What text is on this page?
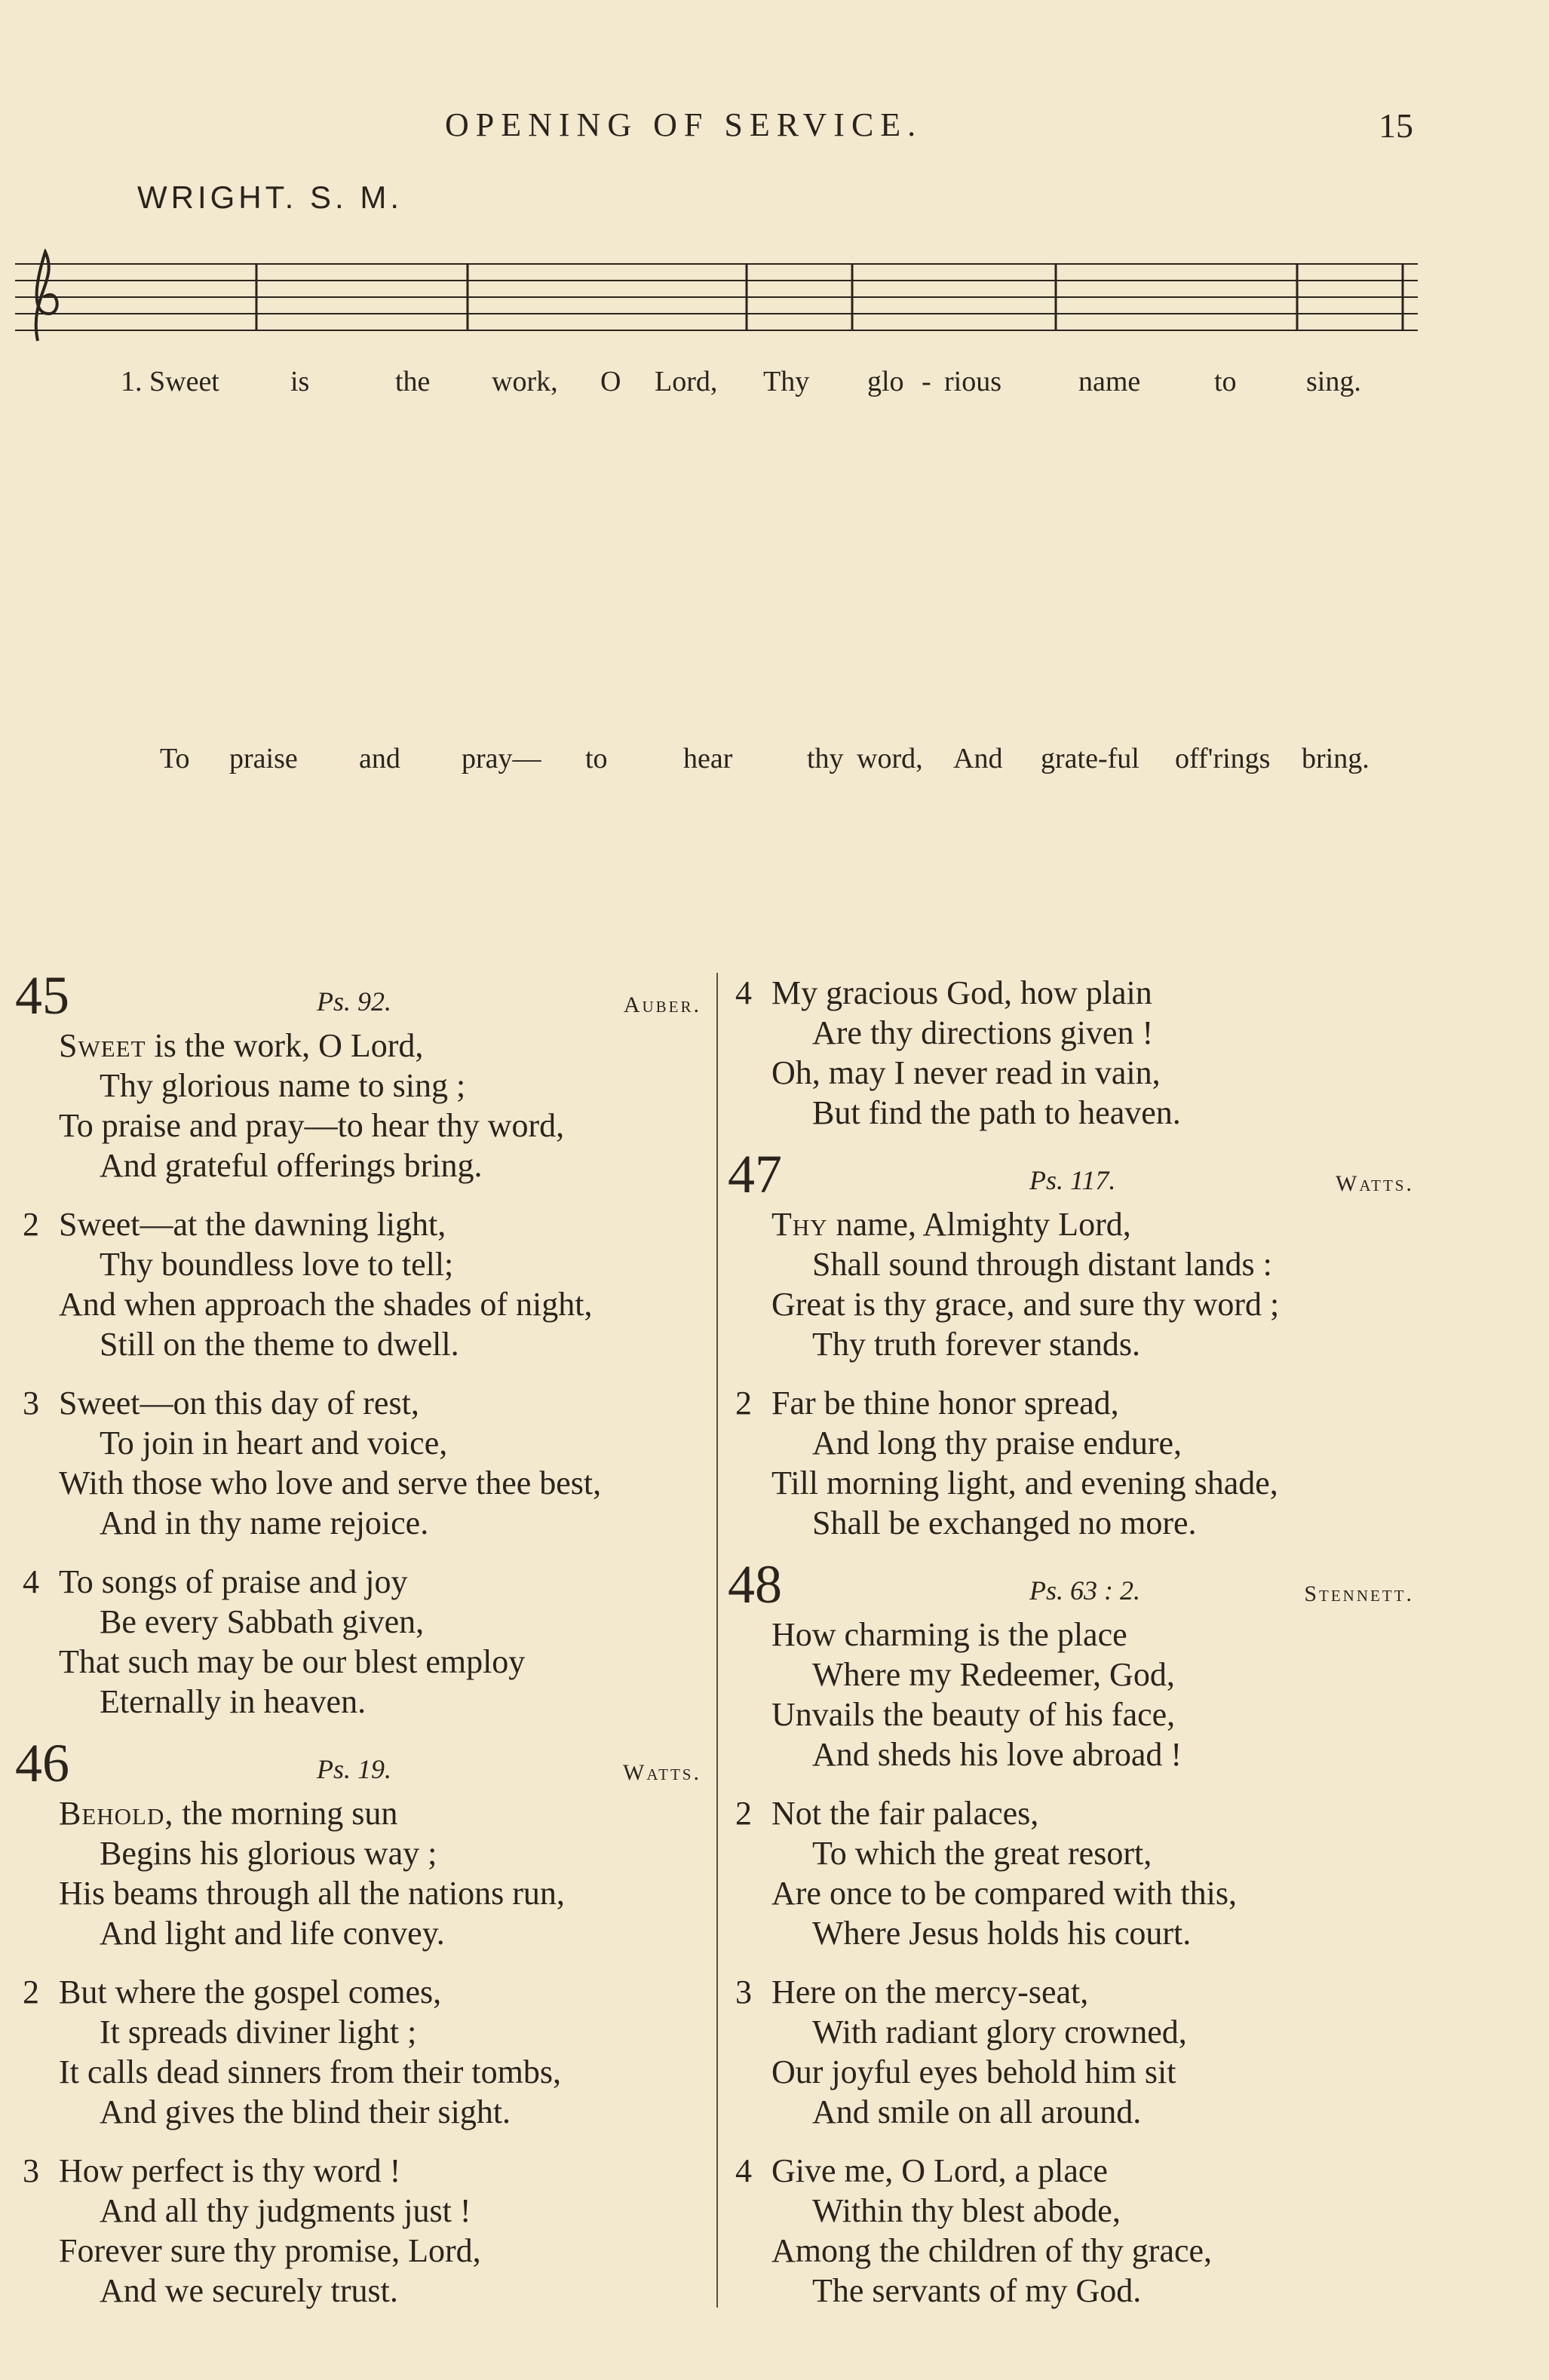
OPENING OF SERVICE.	15
WRIGHT. S. M.
1. Sweet is	the work, O Lord, Thy glo - rious	name	to sing.
To praise and pray— to	hear	thy word, And grate-ful off'rings bring.
45	Ps. 92.	Auber.
Sweet is the work, O Lord,
Thy glorious name to sing ;
To praise and pray—to hear thy word,
And grateful offerings bring.
2 Sweet—at the dawning light,
Thy boundless love to tell;
And when approach the shades of night,
Still on the theme to dwell.
3 Sweet—on this day of rest,
To join in heart and voice,
With those who love and serve thee best,
And in thy name rejoice.
4 To songs of praise and joy
Be every Sabbath given,
That such may be our blest employ
Eternally in heaven.
46	Ps. 19.	Watts.
Behold, the morning sun
Begins his glorious way ;
His beams through all the nations run,
And light and life convey.
2 But where the gospel comes,
It spreads diviner light ;
It calls dead sinners from their tombs,
And gives the blind their sight.
3 How perfect is thy word !
And all thy judgments just !
Forever sure thy promise, Lord,
And we securely trust.
4 My gracious God, how plain
Are thy directions given !
Oh, may I never read in vain,
But find the path to heaven.
47	Ps. 117.	Watts.
Thy name, Almighty Lord,
Shall sound through distant lands :
Great is thy grace, and sure thy word ;
Thy truth forever stands.
2 Far be thine honor spread,
And long thy praise endure,
Till morning light, and evening shade,
Shall be exchanged no more.
48	Ps. 63 : 2.	Stennett.
How charming is the place
Where my Redeemer, God,
Unvails the beauty of his face,
And sheds his love abroad !
2 Not the fair palaces,
To which the great resort,
Are once to be compared with this,
Where Jesus holds his court.
3 Here on the mercy-seat,
With radiant glory crowned,
Our joyful eyes behold him sit
And smile on all around.
4 Give me, O Lord, a place
Within thy blest abode,
Among the children of thy grace,
The servants of my God.
